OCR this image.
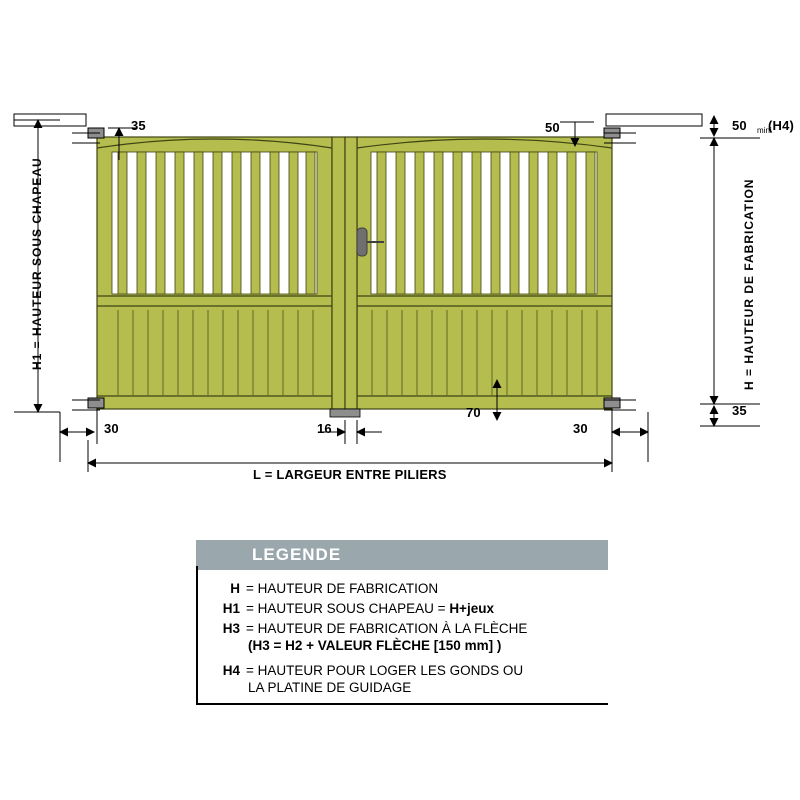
H1 = HAUTEUR SOUS CHAPEAU	H = HAUTEUR DE FABRICATION
35	50	50 mini
(H4)
35
30	16
70
30
L = LARGEUR ENTRE PILIERS
LEGENDE
H = HAUTEUR DE FABRICATION
H1 = HAUTEUR SOUS CHAPEAU = H+jeux
H3 = HAUTEUR DE FABRICATION À LA FLÈCHE
(H3 = H2 + VALEUR FLÈCHE [150 mm] )
H4 = HAUTEUR POUR LOGER LES GONDS OU
LA PLATINE DE GUIDAGE
